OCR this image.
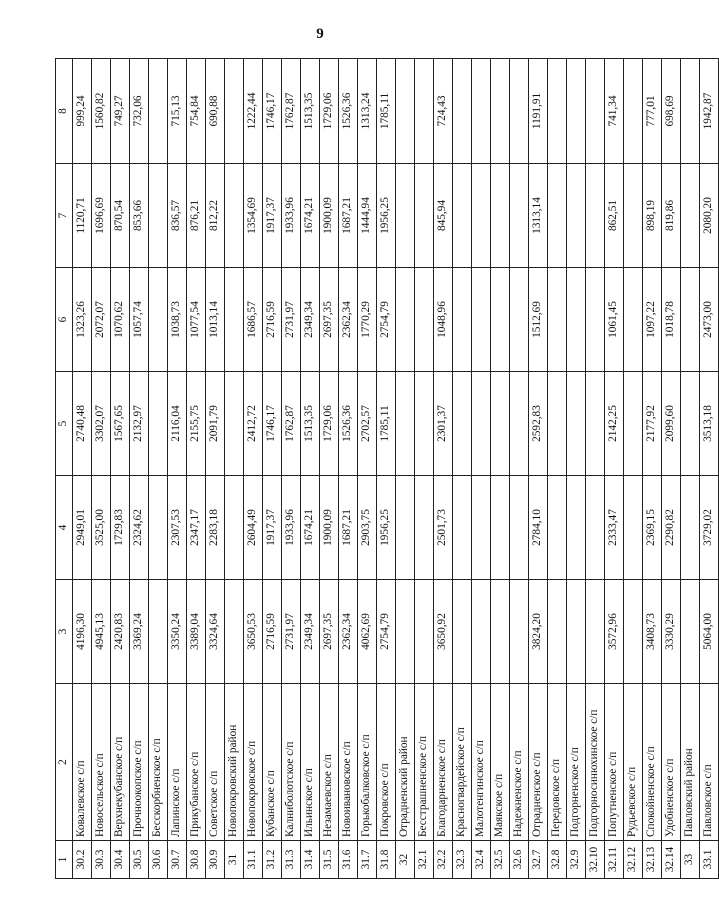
9
1	2	3	4	5	6	7	8
30.2	Ковалевское с/п	4196,30	2949,01	2740,48	1323,26	1120,71	999,24
30.3	Новосельское с/п	4945,13	3525,00	3302,07	2072,07	1696,69	1560,82
30.4	Верхнекубанское с/п	2420,83	1729,83	1567,65	1070,62	870,54	749,27
30.5	Прочноокопское с/п	3369,24	2324,62	2132,97	1057,74	853,66	732,06
30.6	Бесскорбненское с/п						
30.7	Лапинское с/п	3350,24	2307,53	2116,04	1038,73	836,57	715,13
30.8	Прикубанское с/п	3389,04	2347,17	2155,75	1077,54	876,21	754,84
30.9	Советское с/п	3324,64	2283,18	2091,79	1013,14	812,22	690,88
31	Новопокровский район						
31.1	Новопокровское с/п	3650,53	2604,49	2412,72	1686,57	1354,69	1222,44
31.2	Кубанское с/п	2716,59	1917,37	1746,17	2716,59	1917,37	1746,17
31.3	Калниболотское с/п	2731,97	1933,96	1762,87	2731,97	1933,96	1762,87
31.4	Ильинское с/п	2349,34	1674,21	1513,35	2349,34	1674,21	1513,35
31.5	Незамаевское с/п	2697,35	1900,09	1729,06	2697,35	1900,09	1729,06
31.6	Новоивановское с/п	2362,34	1687,21	1526,36	2362,34	1687,21	1526,36
31.7	Горькобалковское с/п	4062,69	2903,75	2702,57	1770,29	1444,94	1313,24
31.8	Покровское с/п	2754,79	1956,25	1785,11	2754,79	1956,25	1785,11
32	Отрадненский район						
32.1	Бесстрашненское с/п						
32.2	Благодарненское с/п	3650,92	2501,73	2301,37	1048,96	845,94	724,43
32.3	Красногвардейское с/п						
32.4	Малотенгинское с/п						
32.5	Маякское с/п						
32.6	Надежненское с/п						
32.7	Отрадненское с/п	3824,20	2784,10	2592,83	1512,69	1313,14	1191,91
32.8	Передовское с/п						
32.9	Подгорненское с/п						
32.10	Подгорносинюхинское с/п						
32.11	Попутненское с/п	3572,96	2333,47	2142,25	1061,45	862,51	741,34
32.12	Рудьевское с/п						
32.13	Спокойненское с/п	3408,73	2369,15	2177,92	1097,22	898,19	777,01
32.14	Удобненское с/п	3330,29	2290,82	2099,60	1018,78	819,86	698,69
33	Павловский район						
33.1	Павловское с/п	5064,00	3729,02	3513,18	2473,00	2080,20	1942,87
